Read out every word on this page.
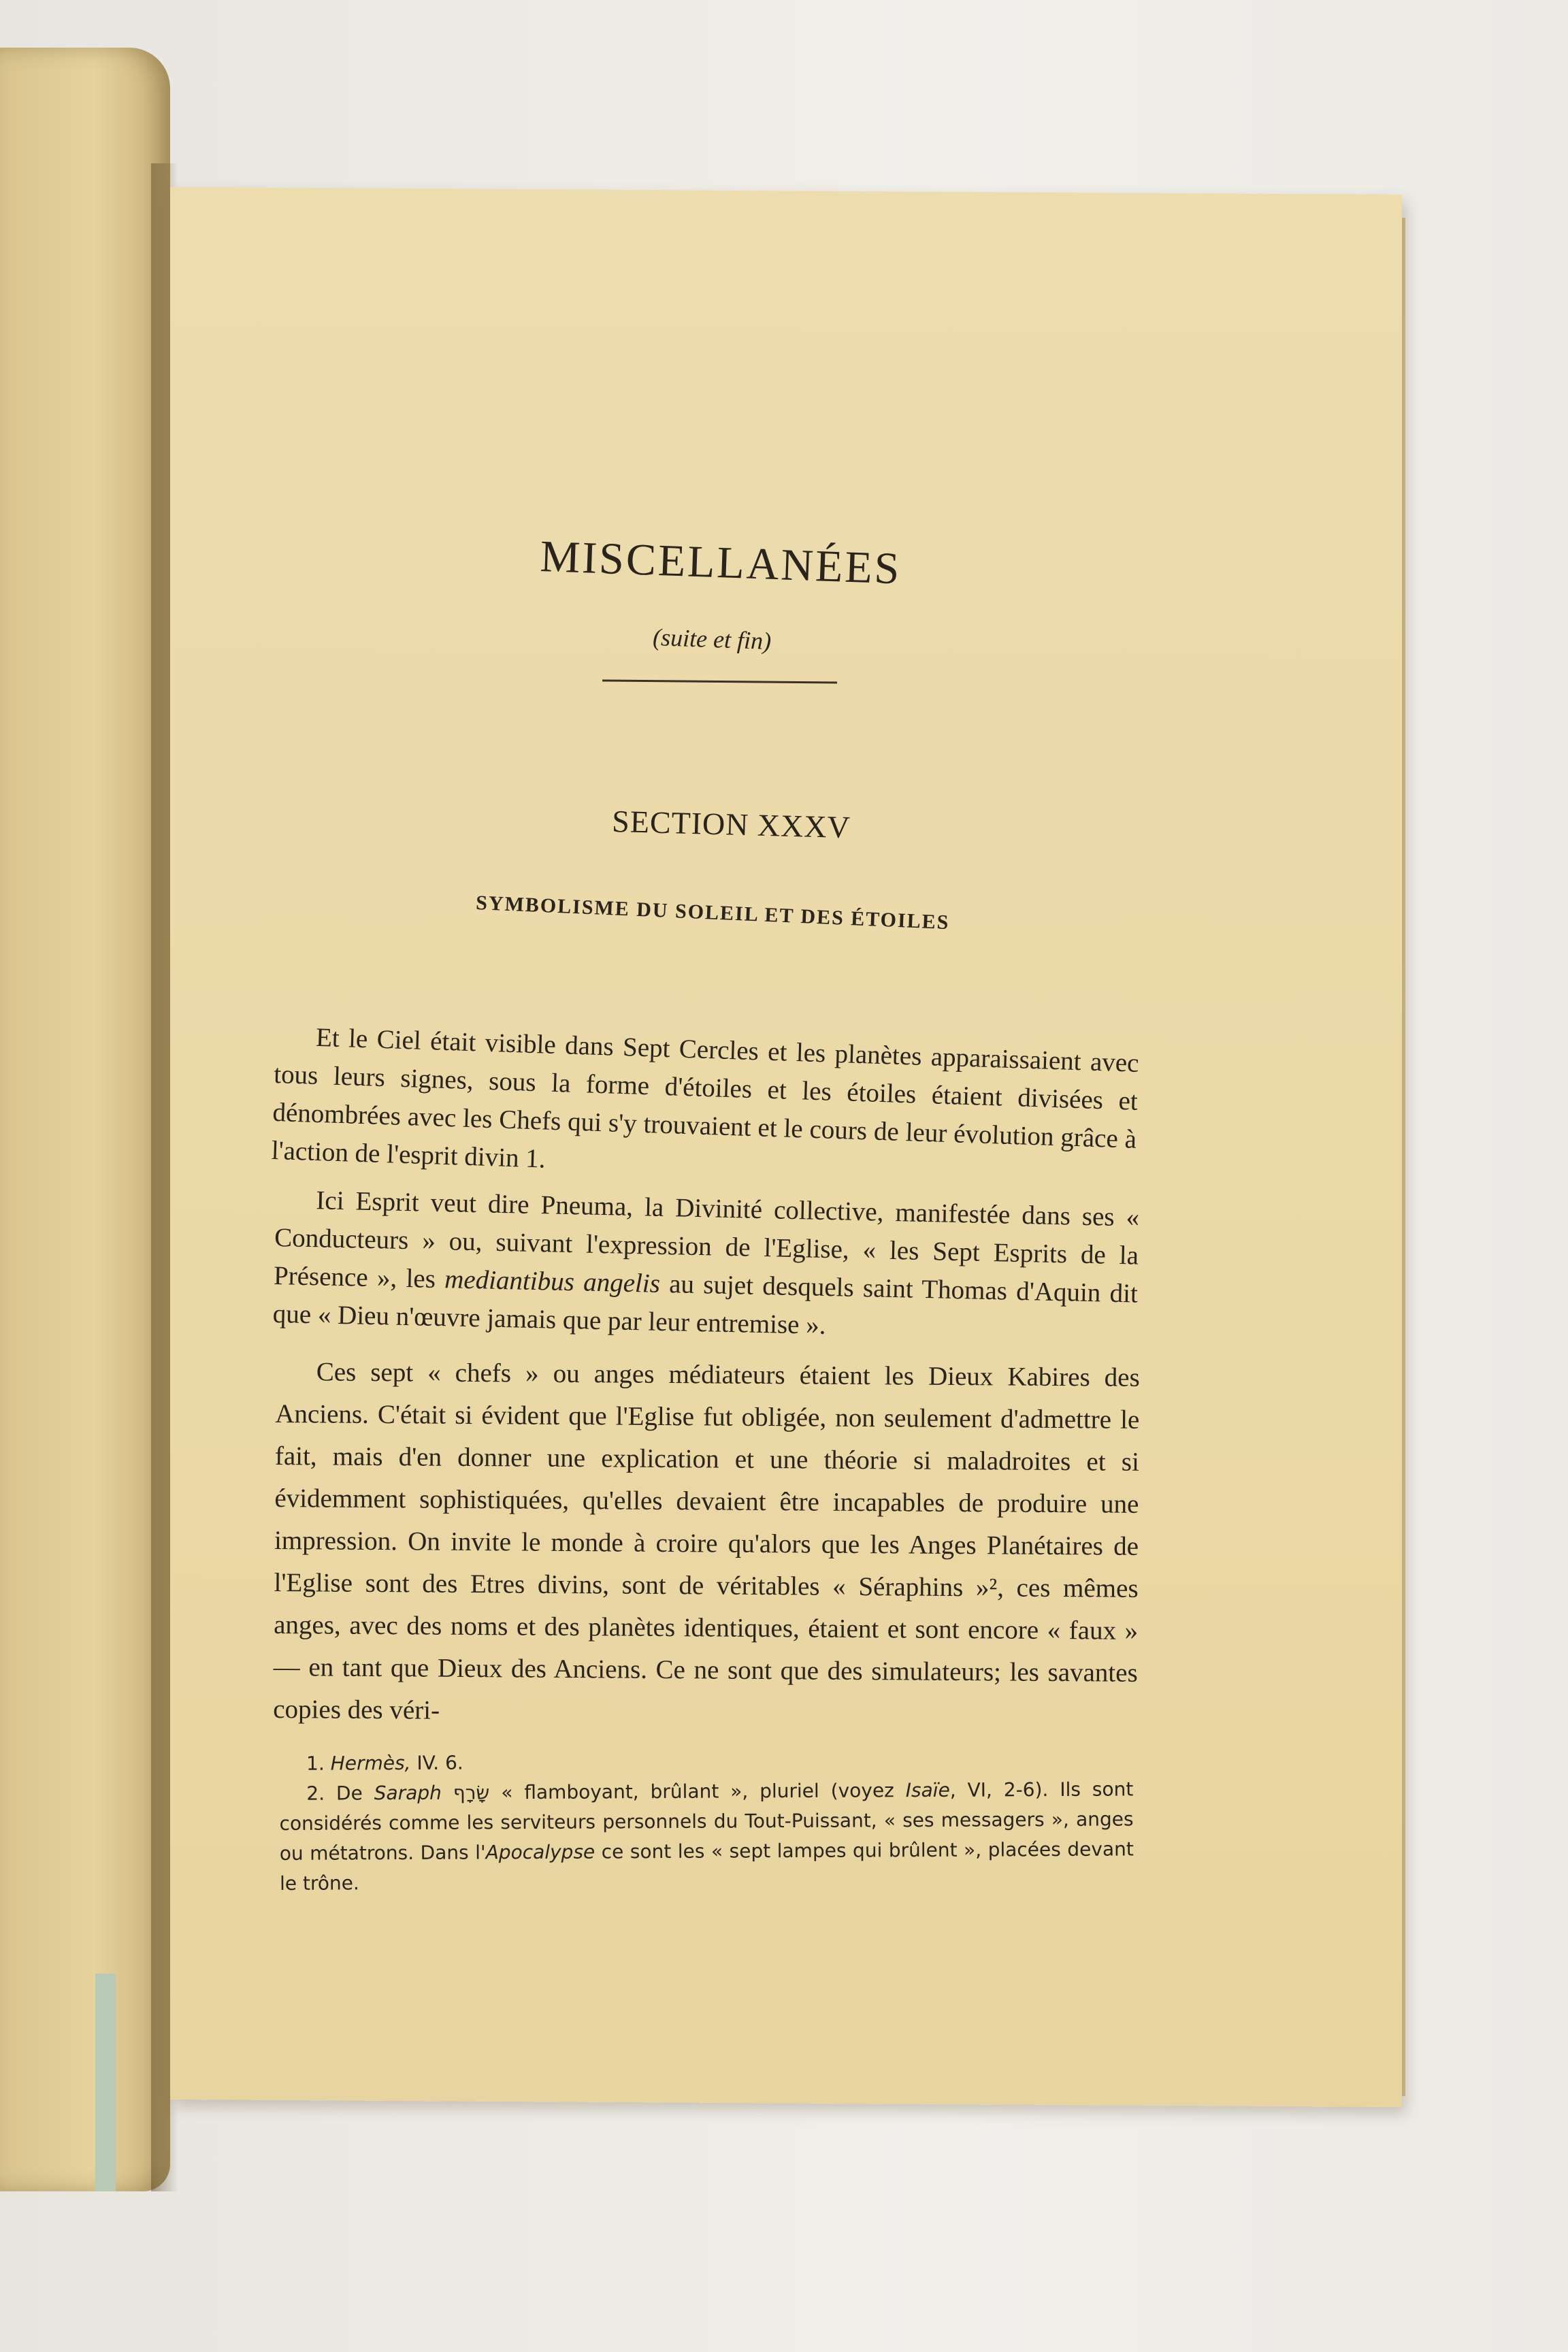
MISCELLANÉES
(suite et fin)
SECTION XXXV
SYMBOLISME DU SOLEIL ET DES ÉTOILES

Et le Ciel était visible dans Sept Cercles et les planètes apparaissaient avec tous leurs signes, sous la forme d'étoiles et les étoiles étaient divisées et dénombrées avec les Chefs qui s'y trouvaient et le cours de leur évolution grâce à l'action de l'esprit divin 1.

Ici Esprit veut dire Pneuma, la Divinité collective, manifestée dans ses « Conducteurs » ou, suivant l'expression de l'Eglise, « les Sept Esprits de la Présence », les mediantibus angelis au sujet desquels saint Thomas d'Aquin dit que « Dieu n'œuvre jamais que par leur entremise ».

Ces sept « chefs » ou anges médiateurs étaient les Dieux Kabires des Anciens. C'était si évident que l'Eglise fut obligée, non seulement d'admettre le fait, mais d'en donner une explication et une théorie si maladroites et si évidemment sophistiquées, qu'elles devaient être incapables de produire une impression. On invite le monde à croire qu'alors que les Anges Planétaires de l'Eglise sont des Etres divins, sont de véritables « Séraphins »², ces mêmes anges, avec des noms et des planètes identiques, étaient et sont encore « faux » — en tant que Dieux des Anciens. Ce ne sont que des simulateurs; les savantes copies des véri-

1. Hermès, IV. 6.

2. De Saraph שָׂרָף « flamboyant, brûlant », pluriel (voyez Isaïe, VI, 2-6). Ils sont considérés comme les serviteurs personnels du Tout-Puissant, « ses messagers », anges ou métatrons. Dans l'Apocalypse ce sont les « sept lampes qui brûlent », placées devant le trône.
